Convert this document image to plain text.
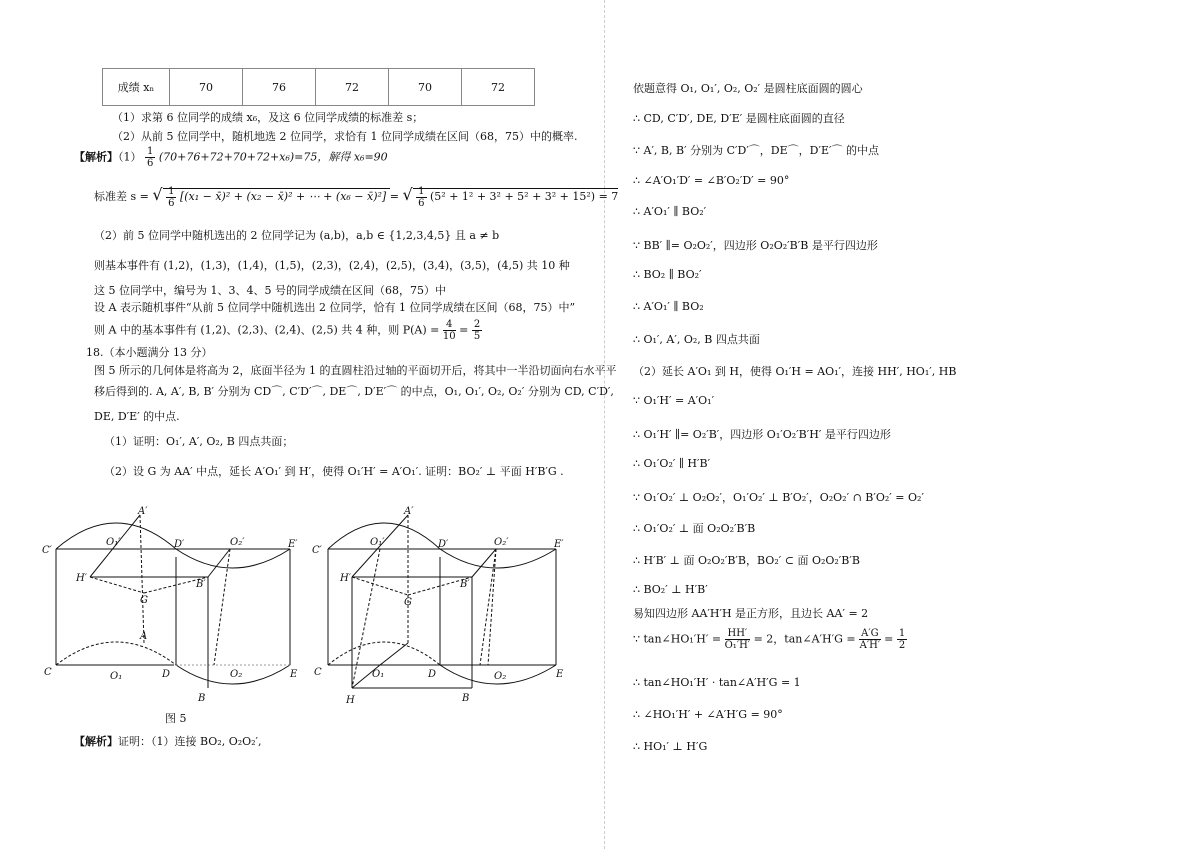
成绩 xₙ	70	76	72	70	72
（1）求第 6 位同学的成绩 x₆，及这 6 位同学成绩的标准差 s；
（2）从前 5 位同学中，随机地选 2 位同学，求恰有 1 位同学成绩在区间（68，75）中的概率.
【解析】$(1) \frac{1}{6} (70+76+72+70+72+x_6)=75$，解得 x₆=90
标准差 s = √ $\frac{1}{6} [(x_1$ − x̄)² + (x₂ − x̄)² + ⋯ + (x₆ − x̄)²] = √ $\frac{1}{6} (5^2 + 1^2 + 3^2 + 5^2 + 3^2 + 15^2) = 7$
（2）前 5 位同学中随机选出的 2 位同学记为 (a,b)，a,b ∈ {1,2,3,4,5} 且 a ≠ b
则基本事件有 (1,2)，(1,3)，(1,4)，(1,5)，(2,3)，(2,4)，(2,5)，(3,4)，(3,5)，(4,5) 共 10 种
这 5 位同学中，编号为 1、3、4、5 号的同学成绩在区间（68，75）中
设 A 表示随机事件“从前 5 位同学中随机选出 2 位同学，恰有 1 位同学成绩在区间（68，75）中”
则 A 中的基本事件有 (1,2)、(2,3)、(2,4)、(2,5) 共 4 种，则 $P(A) = \frac{4}{10} = \frac{2}{5}$
18.（本小题满分 13 分）
图 5 所示的几何体是将高为 2，底面半径为 1 的直圆柱沿过轴的平面切开后，将其中一半沿切面向右水平平
移后得到的. A, A′, B, B′ 分别为 CD⌒, C′D′⌒, DE⌒, D′E′⌒ 的中点，O₁, O₁′, O₂, O₂′ 分别为 CD, C′D′,
DE, D′E′ 的中点.
（1）证明：O₁′, A′, O₂, B 四点共面；
（2）设 G 为 AA′ 中点，延长 A′O₁′ 到 H′，使得 O₁′H′ = A′O₁′. 证明：BO₂′ ⊥ 平面 H′B′G .
A′
O₁′	D′	O₂′	E′
C′
H′
B′
G
A
C	O₁	D	O₂	E
B
A′
O₁′	D′	O₂′	E′
C′
H′
B′
G
C	O₁	D	O₂	E
H	B
图 5
【解析】证明：（1）连接 BO₂, O₂O₂′,
依题意得 O₁, O₁′, O₂, O₂′ 是圆柱底面圆的圆心
∴ CD, C′D′, DE, D′E′ 是圆柱底面圆的直径
∵ A′, B, B′ 分别为 C′D′⌒，DE⌒，D′E′⌒ 的中点
∴ ∠A′O₁′D′ = ∠B′O₂′D′ = 90°
∴ A′O₁′ ∥ BO₂′
∵ BB′ ∥= O₂O₂′，四边形 O₂O₂′B′B 是平行四边形
∴ BO₂ ∥ BO₂′
∴ A′O₁′ ∥ BO₂
∴ O₁′, A′, O₂, B 四点共面
（2）延长 A′O₁ 到 H，使得 O₁′H = AO₁′，连接 HH′, HO₁′, HB
∵ O₁′H′ = A′O₁′
∴ O₁′H′ ∥= O₂′B′，四边形 O₁′O₂′B′H′ 是平行四边形
∴ O₁′O₂′ ∥ H′B′
∵ O₁′O₂′ ⊥ O₂O₂′，O₁′O₂′ ⊥ B′O₂′，O₂O₂′ ∩ B′O₂′ = O₂′
∴ O₁′O₂′ ⊥ 面 O₂O₂′B′B
∴ H′B′ ⊥ 面 O₂O₂′B′B，BO₂′ ⊂ 面 O₂O₂′B′B
∴ BO₂′ ⊥ H′B′
易知四边形 AA′H′H 是正方形，且边长 AA′ = 2
∵ tan∠HO₁′H′ = $\frac{HH'}{\text{O₁′H′}} = 2$，tan∠A′H′G = $\frac{A'G}{A'H'} = \frac{1}{2}$
∴ tan∠HO₁′H′ · tan∠A′H′G = 1
∴ ∠HO₁′H′ + ∠A′H′G = 90°
∴ HO₁′ ⊥ H′G
